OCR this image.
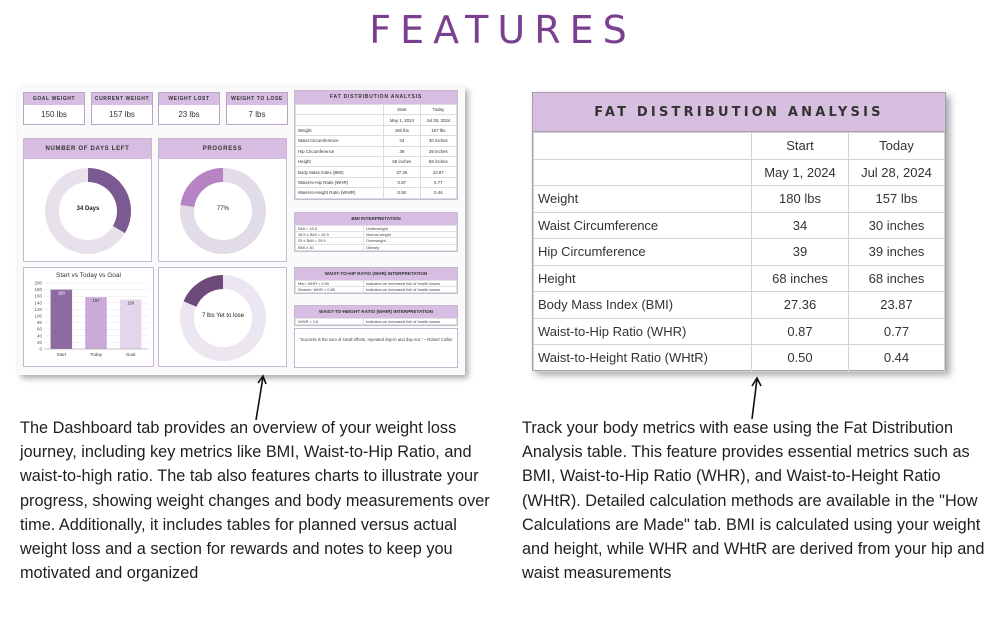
FEATURES
GOAL WEIGHT
150 lbs
CURRENT WEIGHT
157 lbs
WEIGHT LOST
23 lbs
WEIGHT TO LOSE
7 lbs
NUMBER OF DAYS LEFT
34 Days
PROGRESS
77%
Start vs Today vs Goal
0
20
40
60
80
100
120
140
160
180
200
180
Start
157
Today
150
Goal
7 lbs Yet to lose
FAT DISTRIBUTION ANALYSIS
	Start	Today
	May 1, 2024	Jul 28, 2024
Weight	180 lbs	157 lbs
Waist Circumference	34	30 inches
Hip Circumference	39	39 inches
Height	68 inches	68 inches
Body Mass Index (BMI)	27.36	23.87
Waist-to-Hip Ratio (WHR)	0.87	0.77
Waist-to-Height Ratio (WHtR)	0.50	0.44
BMI INTERPRETATION
BMI < 18.5	Underweight
18.5 ≤ BMI < 24.9	Normal weight
25 ≤ BMI < 29.9	Overweight
BMI ≥ 30	Obesity
WAIST-TO-HIP RATIO (WHR) INTERPRETATION
Men: WHR > 0.90	Indicates an increased risk of health issues
Women: WHR > 0.85	Indicates an increased risk of health issues
WAIST-TO-HEIGHT RATIO (WHtR) INTERPRETATION
WHtR > 0.5	Indicates an increased risk of health issues
"Success is the sum of small efforts, repeated day-in and day-out." – Robert Collier
FAT DISTRIBUTION ANALYSIS
	Start	Today
	May 1, 2024	Jul 28, 2024
Weight	180 lbs	157 lbs
Waist Circumference	34	30 inches
Hip Circumference	39	39 inches
Height	68 inches	68 inches
Body Mass Index (BMI)	27.36	23.87
Waist-to-Hip Ratio (WHR)	0.87	0.77
Waist-to-Height Ratio (WHtR)	0.50	0.44

The Dashboard tab provides an overview of your weight loss journey, including key metrics like BMI, Waist-to-Hip Ratio, and waist-to-high ratio. The tab also features charts to illustrate your progress, showing weight changes and body measurements over time. Additionally, it includes tables for planned versus actual weight loss and a section for rewards and notes to keep you motivated and organized

Track your body metrics with ease using the Fat Distribution Analysis table. This feature provides essential metrics such as BMI, Waist-to-Hip Ratio (WHR), and Waist-to-Height Ratio (WHtR). Detailed calculation methods are available in the "How Calculations are Made" tab. BMI is calculated using your weight and height, while WHR and WHtR are derived from your hip and waist measurements
